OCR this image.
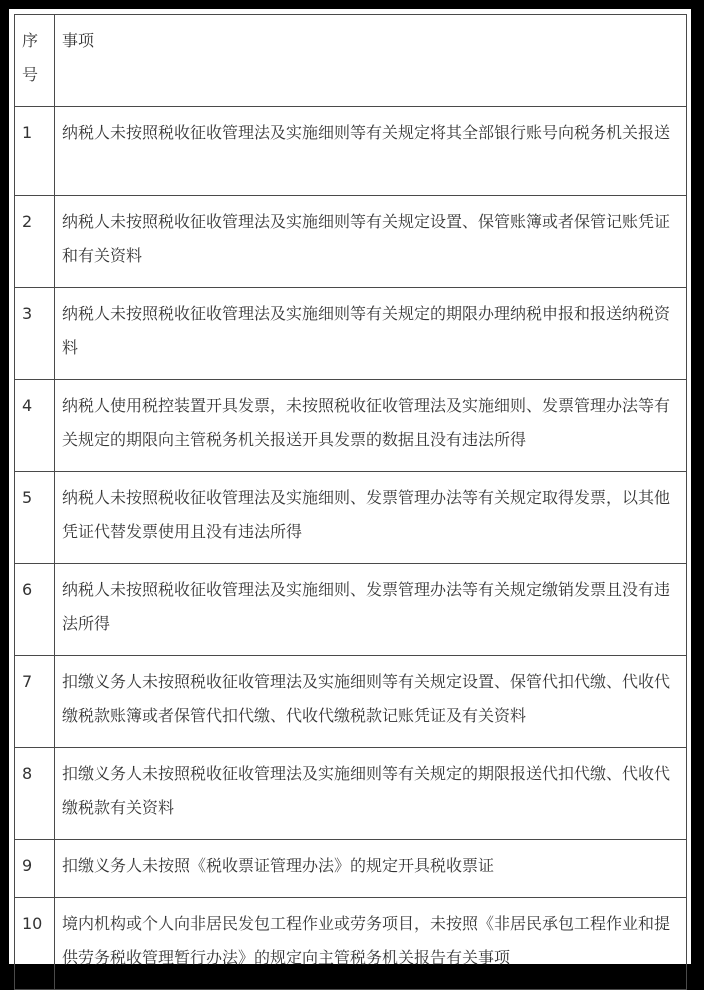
序号	事项
1	纳税人未按照税收征收管理法及实施细则等有关规定将其全部银行账号向税务机关报送
2	纳税人未按照税收征收管理法及实施细则等有关规定设置、保管账簿或者保管记账凭证和有关资料
3	纳税人未按照税收征收管理法及实施细则等有关规定的期限办理纳税申报和报送纳税资料
4	纳税人使用税控装置开具发票，未按照税收征收管理法及实施细则、发票管理办法等有关规定的期限向主管税务机关报送开具发票的数据且没有违法所得
5	纳税人未按照税收征收管理法及实施细则、发票管理办法等有关规定取得发票，以其他凭证代替发票使用且没有违法所得
6	纳税人未按照税收征收管理法及实施细则、发票管理办法等有关规定缴销发票且没有违法所得
7	扣缴义务人未按照税收征收管理法及实施细则等有关规定设置、保管代扣代缴、代收代缴税款账簿或者保管代扣代缴、代收代缴税款记账凭证及有关资料
8	扣缴义务人未按照税收征收管理法及实施细则等有关规定的期限报送代扣代缴、代收代缴税款有关资料
9	扣缴义务人未按照《税收票证管理办法》的规定开具税收票证
10	境内机构或个人向非居民发包工程作业或劳务项目，未按照《非居民承包工程作业和提供劳务税收管理暂行办法》的规定向主管税务机关报告有关事项
